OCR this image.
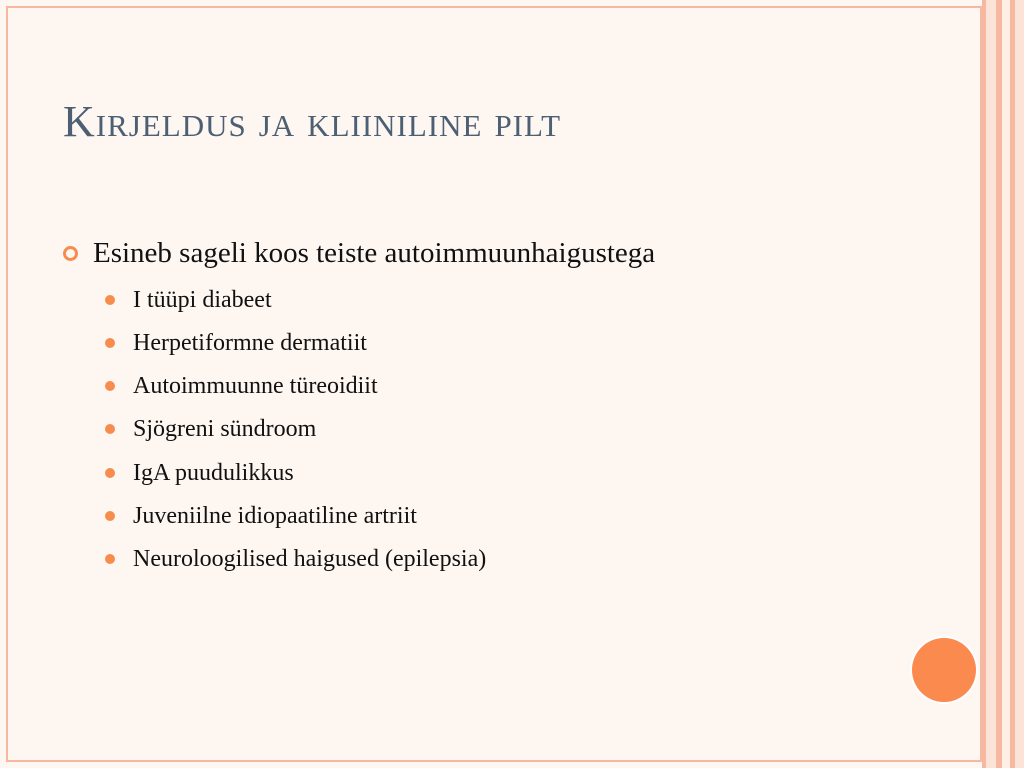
Kirjeldus ja kliiniline pilt
Esineb sageli koos teiste autoimmuunhaigustega
I tüüpi diabeet
Herpetiformne dermatiit
Autoimmuunne türeoidiit
Sjögreni sündroom
IgA puudulikkus
Juveniilne idiopaatiline artriit
Neuroloogilised haigused (epilepsia)
